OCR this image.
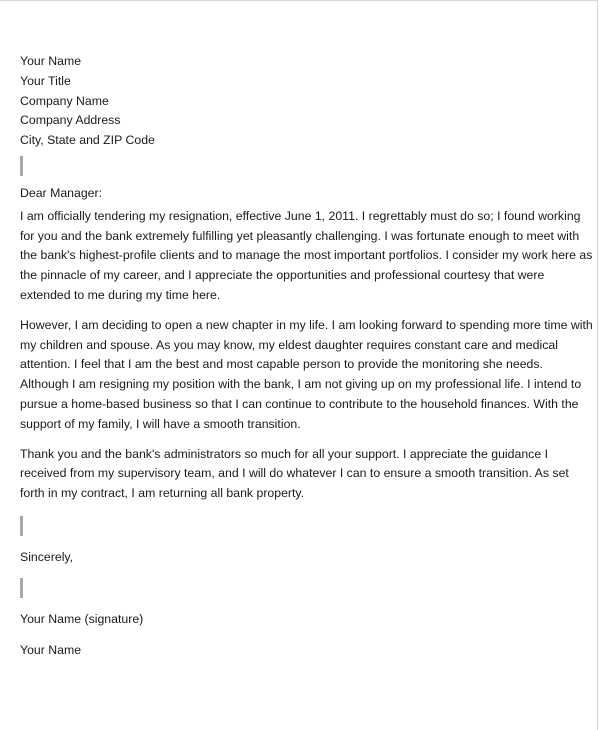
Your Name
Your Title
Company Name
Company Address
City, State and ZIP Code
Dear Manager:
I am officially tendering my resignation, effective June 1, 2011. I regrettably must do so; I found working
for you and the bank extremely fulfilling yet pleasantly challenging. I was fortunate enough to meet with
the bank's highest-profile clients and to manage the most important portfolios. I consider my work here as
the pinnacle of my career, and I appreciate the opportunities and professional courtesy that were
extended to me during my time here.
However, I am deciding to open a new chapter in my life. I am looking forward to spending more time with
my children and spouse. As you may know, my eldest daughter requires constant care and medical
attention. I feel that I am the best and most capable person to provide the monitoring she needs.
Although I am resigning my position with the bank, I am not giving up on my professional life. I intend to
pursue a home-based business so that I can continue to contribute to the household finances. With the
support of my family, I will have a smooth transition.
Thank you and the bank's administrators so much for all your support. I appreciate the guidance I
received from my supervisory team, and I will do whatever I can to ensure a smooth transition. As set
forth in my contract, I am returning all bank property.
Sincerely,
Your Name (signature)
Your Name
